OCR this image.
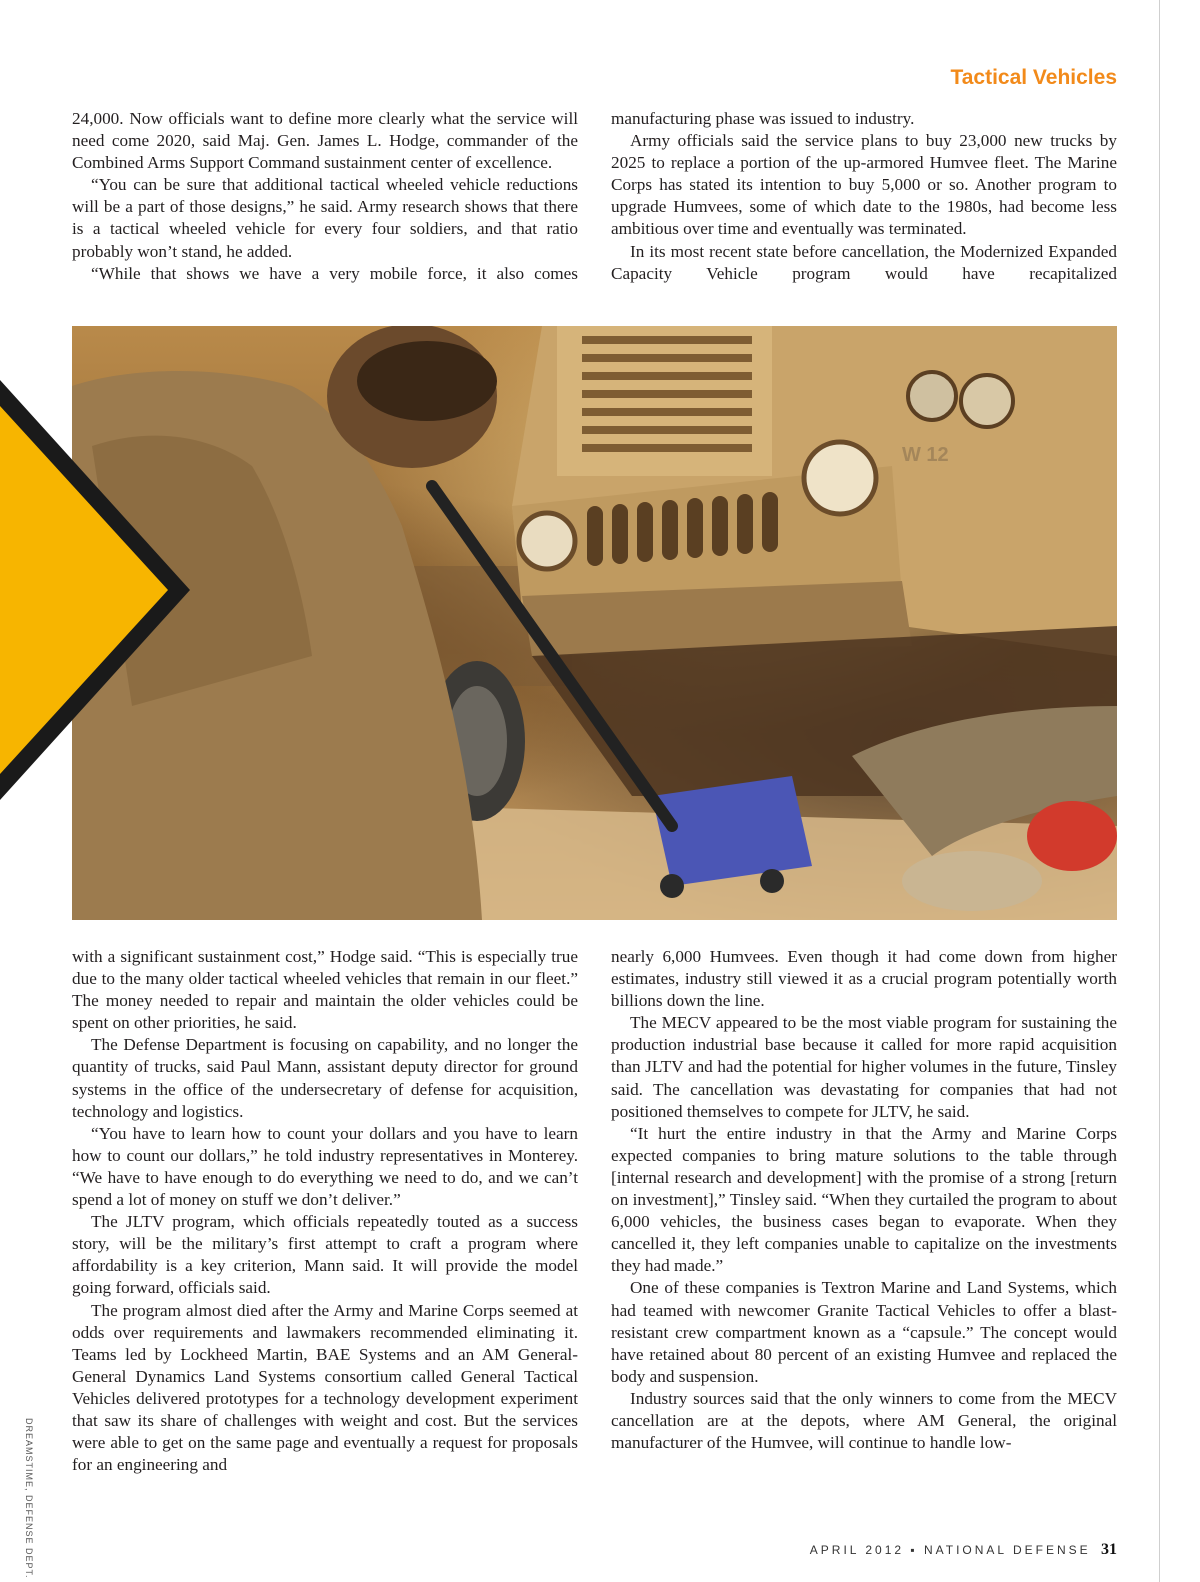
Tactical Vehicles

24,000. Now officials want to define more clearly what the service will need come 2020, said Maj. Gen. James L. Hodge, commander of the Combined Arms Support Command sustainment center of excellence.

“You can be sure that additional tactical wheeled vehicle reductions will be a part of those designs,” he said. Army research shows that there is a tactical wheeled vehicle for every four soldiers, and that ratio probably won’t stand, he added.

“While that shows we have a very mobile force, it also comes

manufacturing phase was issued to industry.

Army officials said the service plans to buy 23,000 new trucks by 2025 to replace a portion of the up-armored Humvee fleet. The Marine Corps has stated its intention to buy 5,000 or so. Another program to upgrade Humvees, some of which date to the 1980s, had become less ambitious over time and eventually was terminated.

In its most recent state before cancellation, the Modernized Expanded Capacity Vehicle program would have recapitalized

W 12

with a significant sustainment cost,” Hodge said. “This is especially true due to the many older tactical wheeled vehicles that remain in our fleet.” The money needed to repair and maintain the older vehicles could be spent on other priorities, he said.

The Defense Department is focusing on capability, and no longer the quantity of trucks, said Paul Mann, assistant deputy director for ground systems in the office of the undersecretary of defense for acquisition, technology and logistics.

“You have to learn how to count your dollars and you have to learn how to count our dollars,” he told industry representatives in Monterey. “We have to have enough to do everything we need to do, and we can’t spend a lot of money on stuff we don’t deliver.”

The JLTV program, which officials repeatedly touted as a success story, will be the military’s first attempt to craft a program where affordability is a key criterion, Mann said. It will provide the model going forward, officials said.

The program almost died after the Army and Marine Corps seemed at odds over requirements and lawmakers recommended eliminating it. Teams led by Lockheed Martin, BAE Systems and an AM General-General Dynamics Land Systems consortium called General Tactical Vehicles delivered prototypes for a technology development experiment that saw its share of challenges with weight and cost. But the services were able to get on the same page and eventually a request for proposals for an engineering and

nearly 6,000 Humvees. Even though it had come down from higher estimates, industry still viewed it as a crucial program potentially worth billions down the line.

The MECV appeared to be the most viable program for sustaining the production industrial base because it called for more rapid acquisition than JLTV and had the potential for higher volumes in the future, Tinsley said. The cancellation was devastating for companies that had not positioned themselves to compete for JLTV, he said.

“It hurt the entire industry in that the Army and Marine Corps expected companies to bring mature solutions to the table through [internal research and development] with the promise of a strong [return on investment],” Tinsley said. “When they curtailed the program to about 6,000 vehicles, the business cases began to evaporate. When they cancelled it, they left companies unable to capitalize on the investments they had made.”

One of these companies is Textron Marine and Land Systems, which had teamed with newcomer Granite Tactical Vehicles to offer a blast-resistant crew compartment known as a “capsule.” The concept would have retained about 80 percent of an existing Humvee and replaced the body and suspension.

Industry sources said that the only winners to come from the MECV cancellation are at the depots, where AM General, the original manufacturer of the Humvee, will continue to handle low-

DREAMSTIME, DEFENSE DEPT.	APRIL 2012 ▪ NATIONAL DEFENSE 31
